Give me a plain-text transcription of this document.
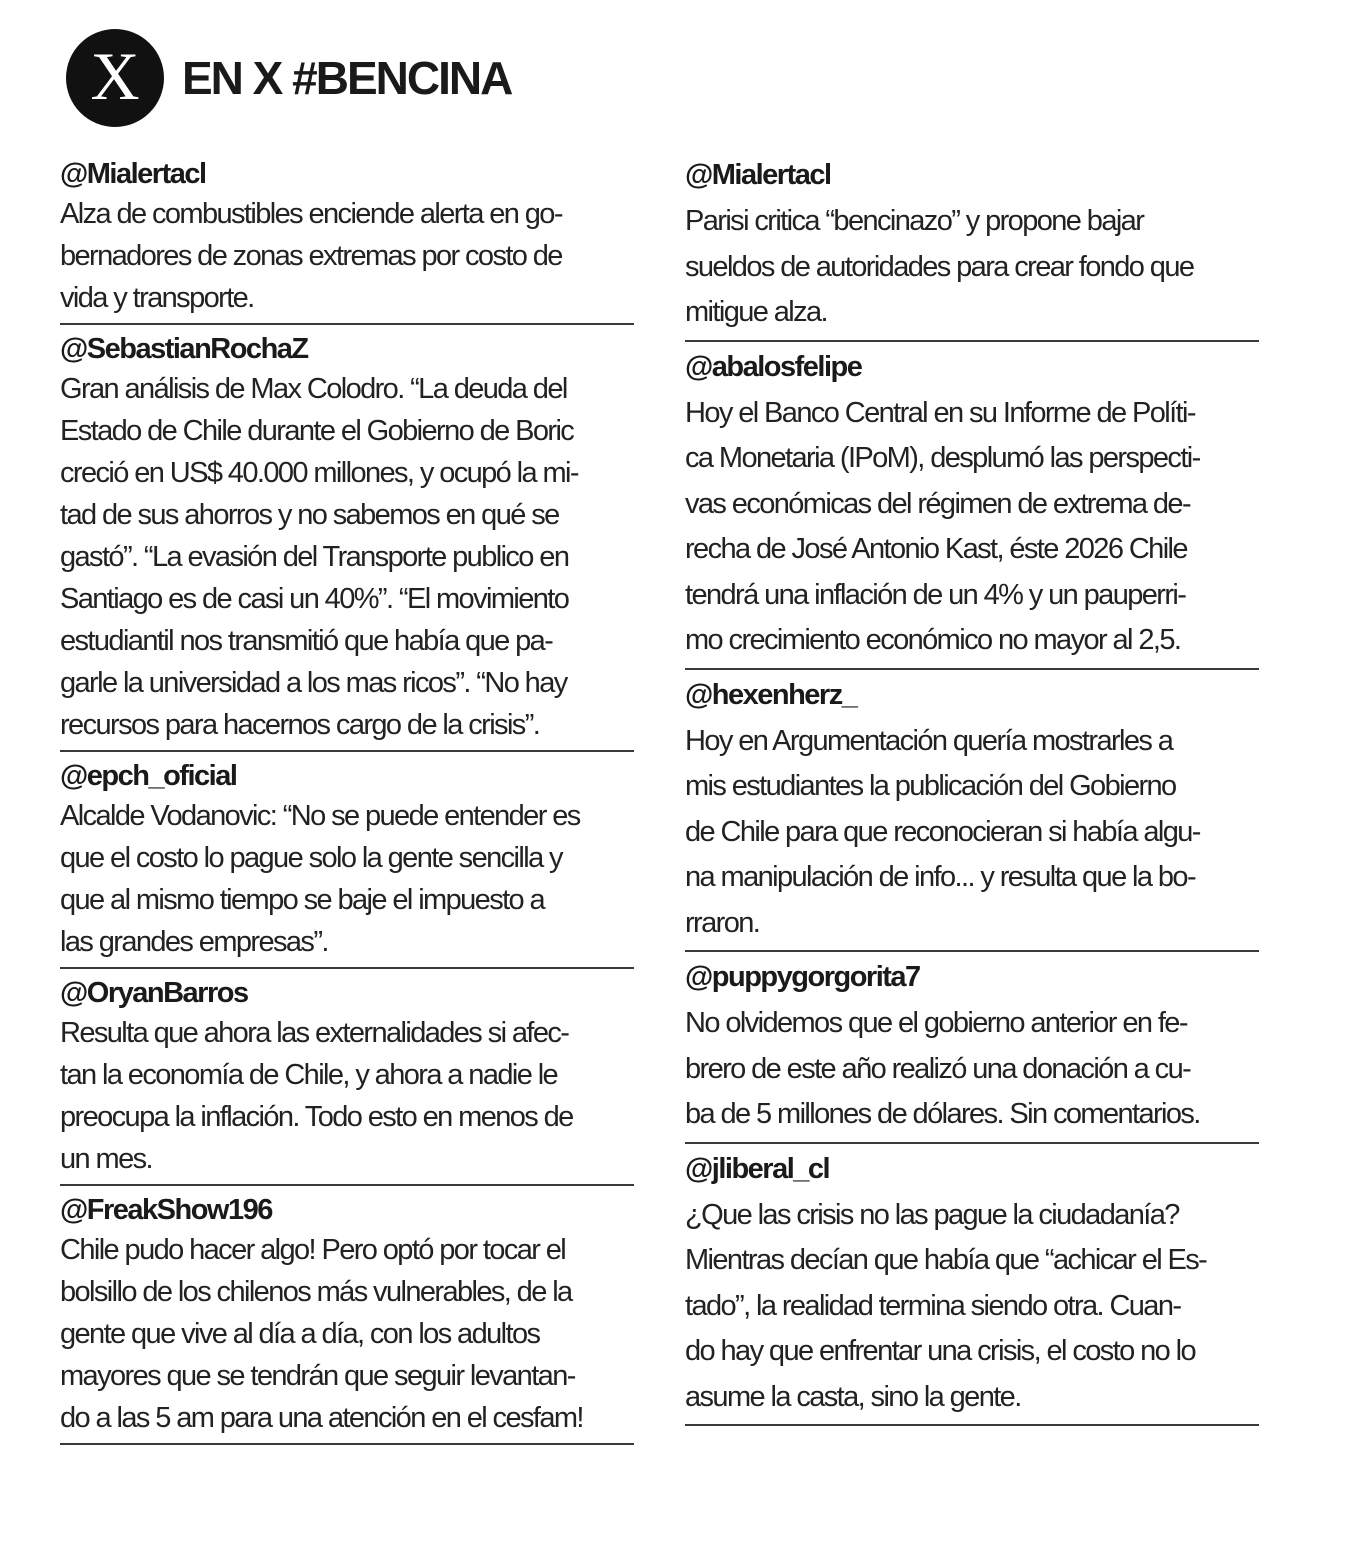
X EN X #BENCINA
@Mialertacl
Alza de combustibles enciende alerta en go-
bernadores de zonas extremas por costo de
vida y transporte.
@SebastianRochaZ
Gran análisis de Max Colodro. “La deuda del
Estado de Chile durante el Gobierno de Boric
creció en US$ 40.000 millones, y ocupó la mi-
tad de sus ahorros y no sabemos en qué se
gastó”. “La evasión del Transporte publico en
Santiago es de casi un 40%”. “El movimiento
estudiantil nos transmitió que había que pa-
garle la universidad a los mas ricos”. “No hay
recursos para hacernos cargo de la crisis”.
@epch_oficial
Alcalde Vodanovic: “No se puede entender es
que el costo lo pague solo la gente sencilla y
que al mismo tiempo se baje el impuesto a
las grandes empresas”.
@OryanBarros
Resulta que ahora las externalidades si afec-
tan la economía de Chile, y ahora a nadie le
preocupa la inflación. Todo esto en menos de
un mes.
@FreakShow196
Chile pudo hacer algo! Pero optó por tocar el
bolsillo de los chilenos más vulnerables, de la
gente que vive al día a día, con los adultos
mayores que se tendrán que seguir levantan-
do a las 5 am para una atención en el cesfam!
@Mialertacl
Parisi critica “bencinazo” y propone bajar
sueldos de autoridades para crear fondo que
mitigue alza.
@abalosfelipe
Hoy el Banco Central en su Informe de Políti-
ca Monetaria (IPoM), desplumó las perspecti-
vas económicas del régimen de extrema de-
recha de José Antonio Kast, éste 2026 Chile
tendrá una inflación de un 4% y un pauperri-
mo crecimiento económico no mayor al 2,5.
@hexenherz_
Hoy en Argumentación quería mostrarles a
mis estudiantes la publicación del Gobierno
de Chile para que reconocieran si había algu-
na manipulación de info... y resulta que la bo-
rraron.
@puppygorgorita7
No olvidemos que el gobierno anterior en fe-
brero de este año realizó una donación a cu-
ba de 5 millones de dólares. Sin comentarios.
@jliberal_cl
¿Que las crisis no las pague la ciudadanía?
Mientras decían que había que “achicar el Es-
tado”, la realidad termina siendo otra. Cuan-
do hay que enfrentar una crisis, el costo no lo
asume la casta, sino la gente.
